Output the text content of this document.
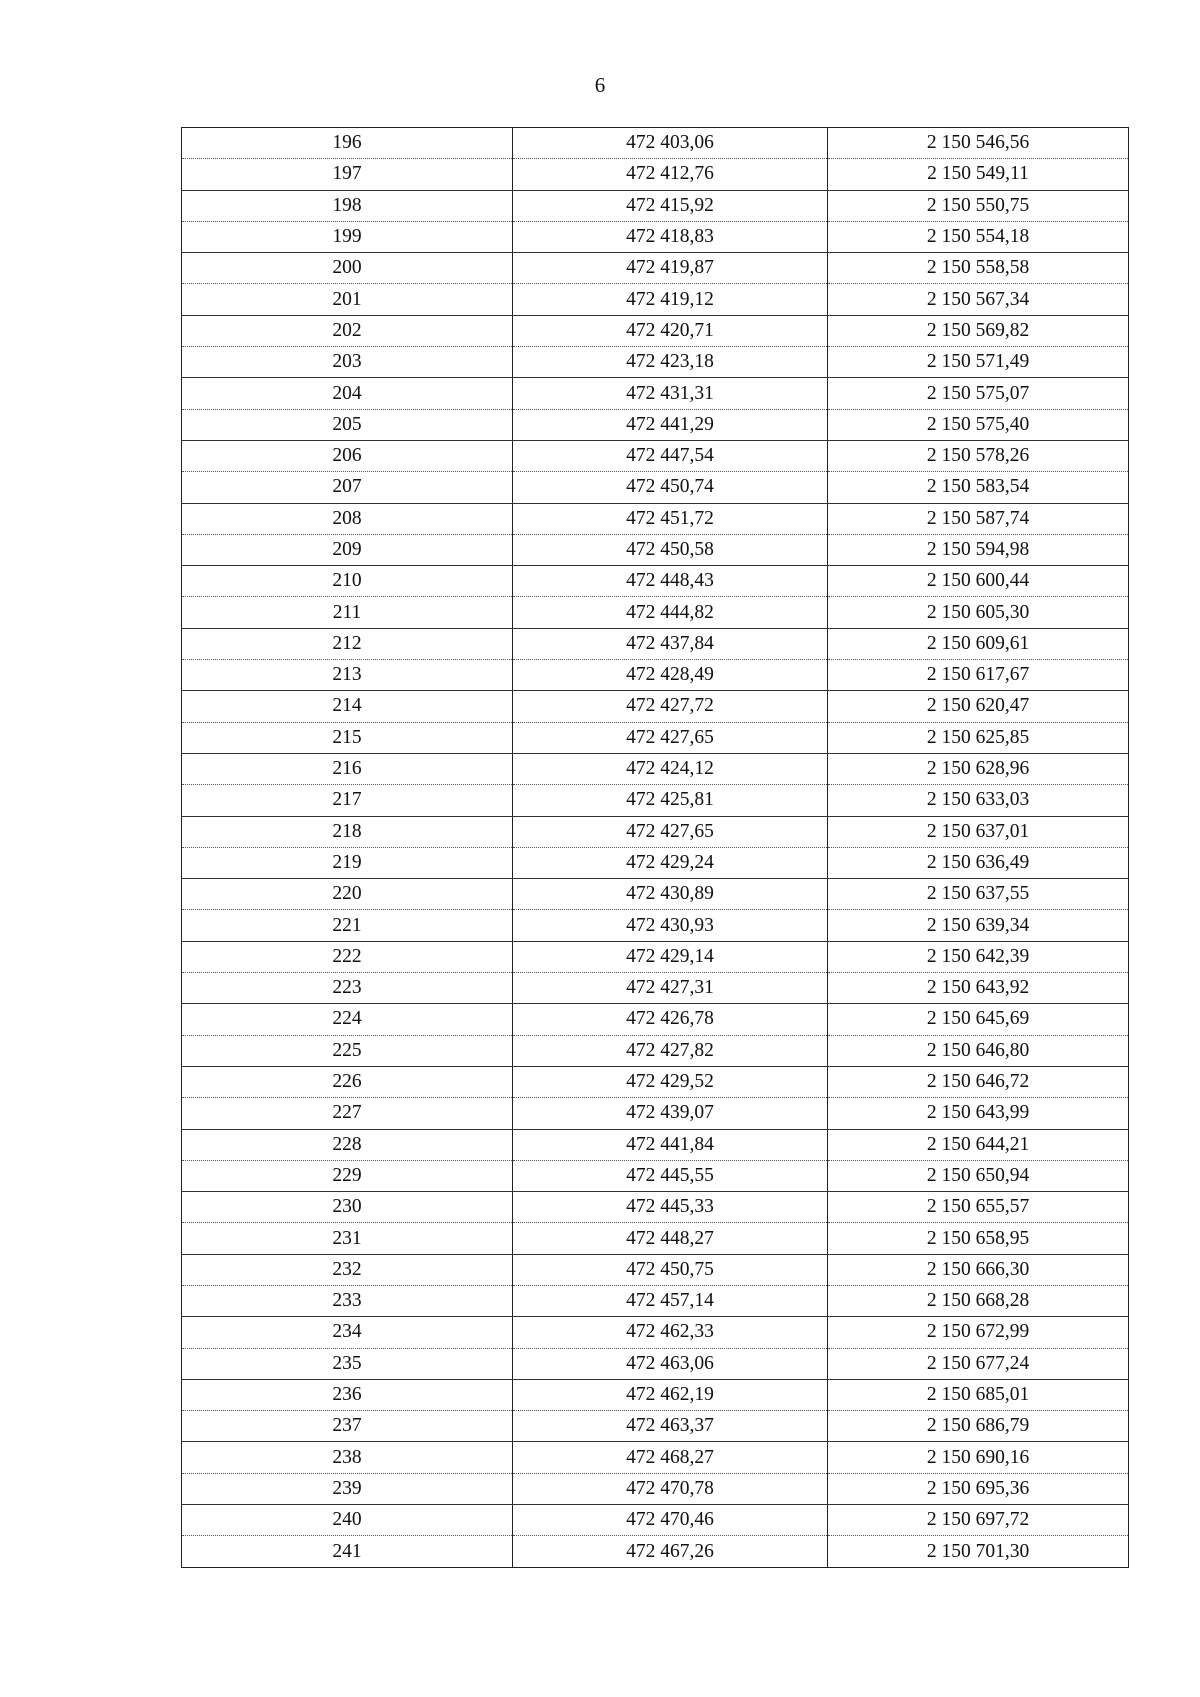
6
196	472 403,06	2 150 546,56
197	472 412,76	2 150 549,11
198	472 415,92	2 150 550,75
199	472 418,83	2 150 554,18
200	472 419,87	2 150 558,58
201	472 419,12	2 150 567,34
202	472 420,71	2 150 569,82
203	472 423,18	2 150 571,49
204	472 431,31	2 150 575,07
205	472 441,29	2 150 575,40
206	472 447,54	2 150 578,26
207	472 450,74	2 150 583,54
208	472 451,72	2 150 587,74
209	472 450,58	2 150 594,98
210	472 448,43	2 150 600,44
211	472 444,82	2 150 605,30
212	472 437,84	2 150 609,61
213	472 428,49	2 150 617,67
214	472 427,72	2 150 620,47
215	472 427,65	2 150 625,85
216	472 424,12	2 150 628,96
217	472 425,81	2 150 633,03
218	472 427,65	2 150 637,01
219	472 429,24	2 150 636,49
220	472 430,89	2 150 637,55
221	472 430,93	2 150 639,34
222	472 429,14	2 150 642,39
223	472 427,31	2 150 643,92
224	472 426,78	2 150 645,69
225	472 427,82	2 150 646,80
226	472 429,52	2 150 646,72
227	472 439,07	2 150 643,99
228	472 441,84	2 150 644,21
229	472 445,55	2 150 650,94
230	472 445,33	2 150 655,57
231	472 448,27	2 150 658,95
232	472 450,75	2 150 666,30
233	472 457,14	2 150 668,28
234	472 462,33	2 150 672,99
235	472 463,06	2 150 677,24
236	472 462,19	2 150 685,01
237	472 463,37	2 150 686,79
238	472 468,27	2 150 690,16
239	472 470,78	2 150 695,36
240	472 470,46	2 150 697,72
241	472 467,26	2 150 701,30
